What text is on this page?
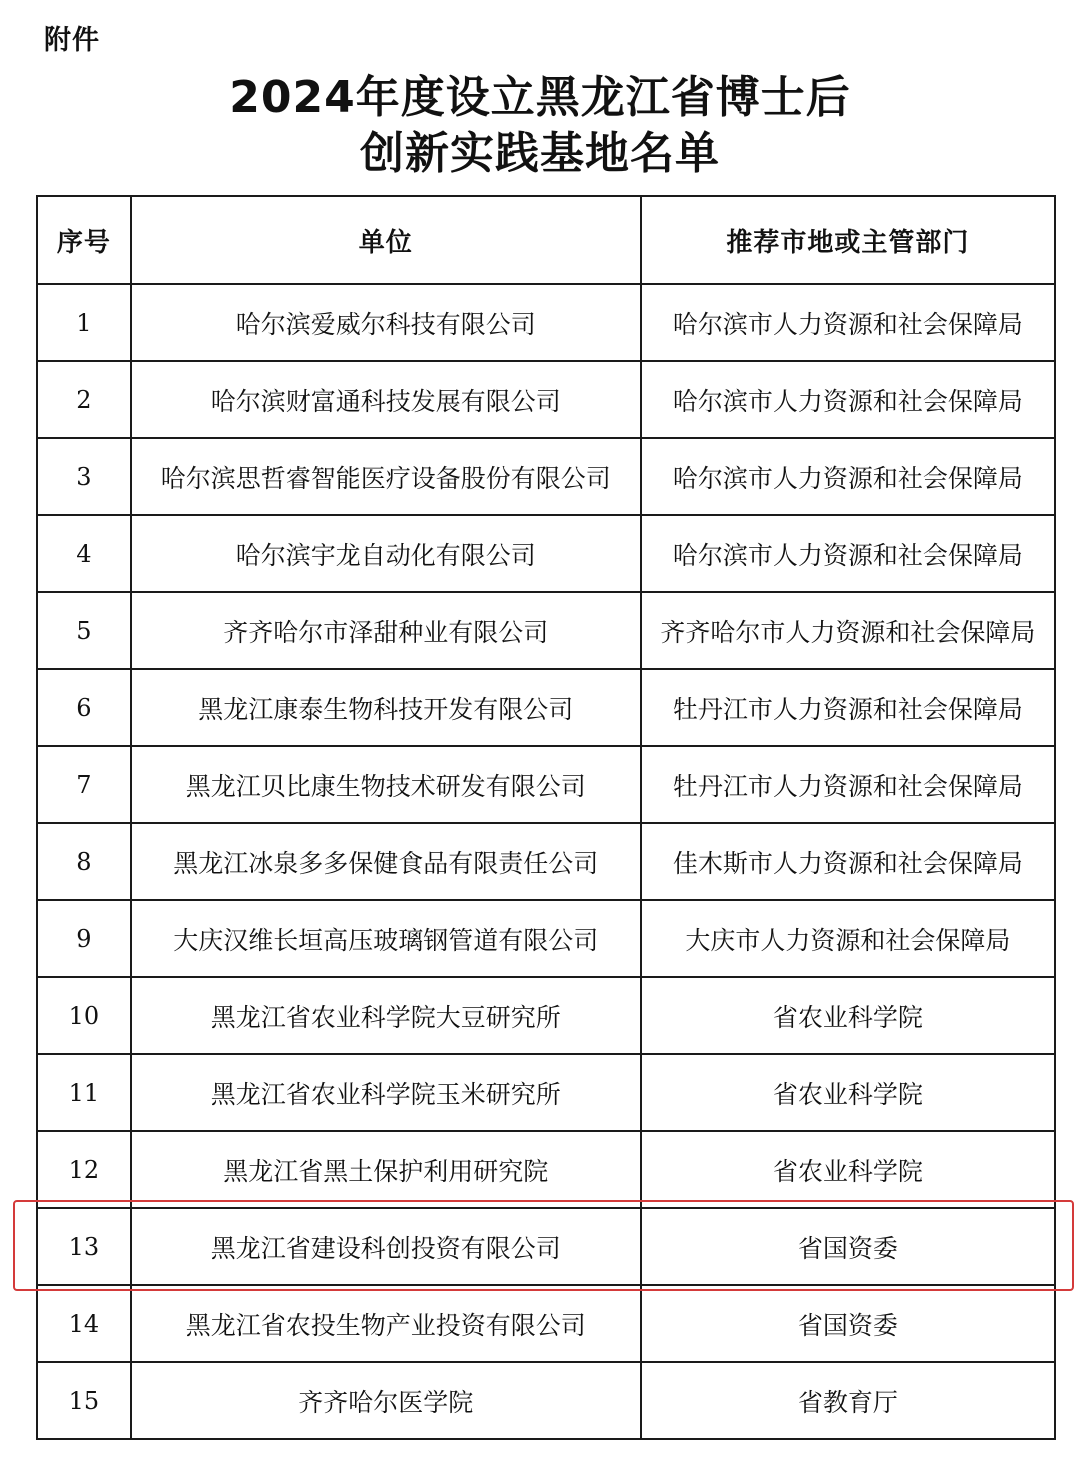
附件
2024年度设立黑龙江省博士后
创新实践基地名单
序号	单位	推荐市地或主管部门
1	哈尔滨爱威尔科技有限公司	哈尔滨市人力资源和社会保障局
2	哈尔滨财富通科技发展有限公司	哈尔滨市人力资源和社会保障局
3	哈尔滨思哲睿智能医疗设备股份有限公司	哈尔滨市人力资源和社会保障局
4	哈尔滨宇龙自动化有限公司	哈尔滨市人力资源和社会保障局
5	齐齐哈尔市泽甜种业有限公司	齐齐哈尔市人力资源和社会保障局
6	黑龙江康泰生物科技开发有限公司	牡丹江市人力资源和社会保障局
7	黑龙江贝比康生物技术研发有限公司	牡丹江市人力资源和社会保障局
8	黑龙江冰泉多多保健食品有限责任公司	佳木斯市人力资源和社会保障局
9	大庆汉维长垣高压玻璃钢管道有限公司	大庆市人力资源和社会保障局
10	黑龙江省农业科学院大豆研究所	省农业科学院
11	黑龙江省农业科学院玉米研究所	省农业科学院
12	黑龙江省黑土保护利用研究院	省农业科学院
13	黑龙江省建设科创投资有限公司	省国资委
14	黑龙江省农投生物产业投资有限公司	省国资委
15	齐齐哈尔医学院	省教育厅
